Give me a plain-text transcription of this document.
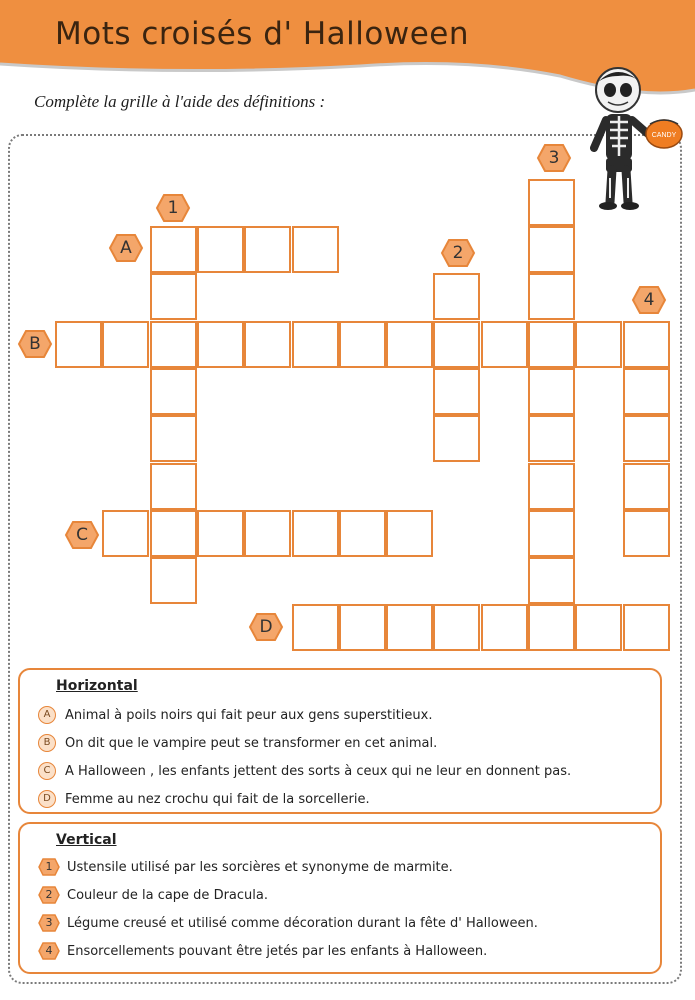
Mots croisés d' Halloween
Complète la grille à l'aide des définitions :
CANDY
1
2
3
4
A
B
C
D
Horizontal
A	Animal à poils noirs qui fait peur aux gens superstitieux.
B	On dit que le vampire peut se transformer en cet animal.
C	A Halloween , les enfants jettent des sorts à ceux qui ne leur en donnent pas.
D	Femme au nez crochu qui fait de la sorcellerie.
Vertical
1	Ustensile utilisé par les sorcières et synonyme de marmite.
2	Couleur de la cape de Dracula.
3	Légume creusé et utilisé comme décoration durant la fête d' Halloween.
4	Ensorcellements pouvant être jetés par les enfants à Halloween.
